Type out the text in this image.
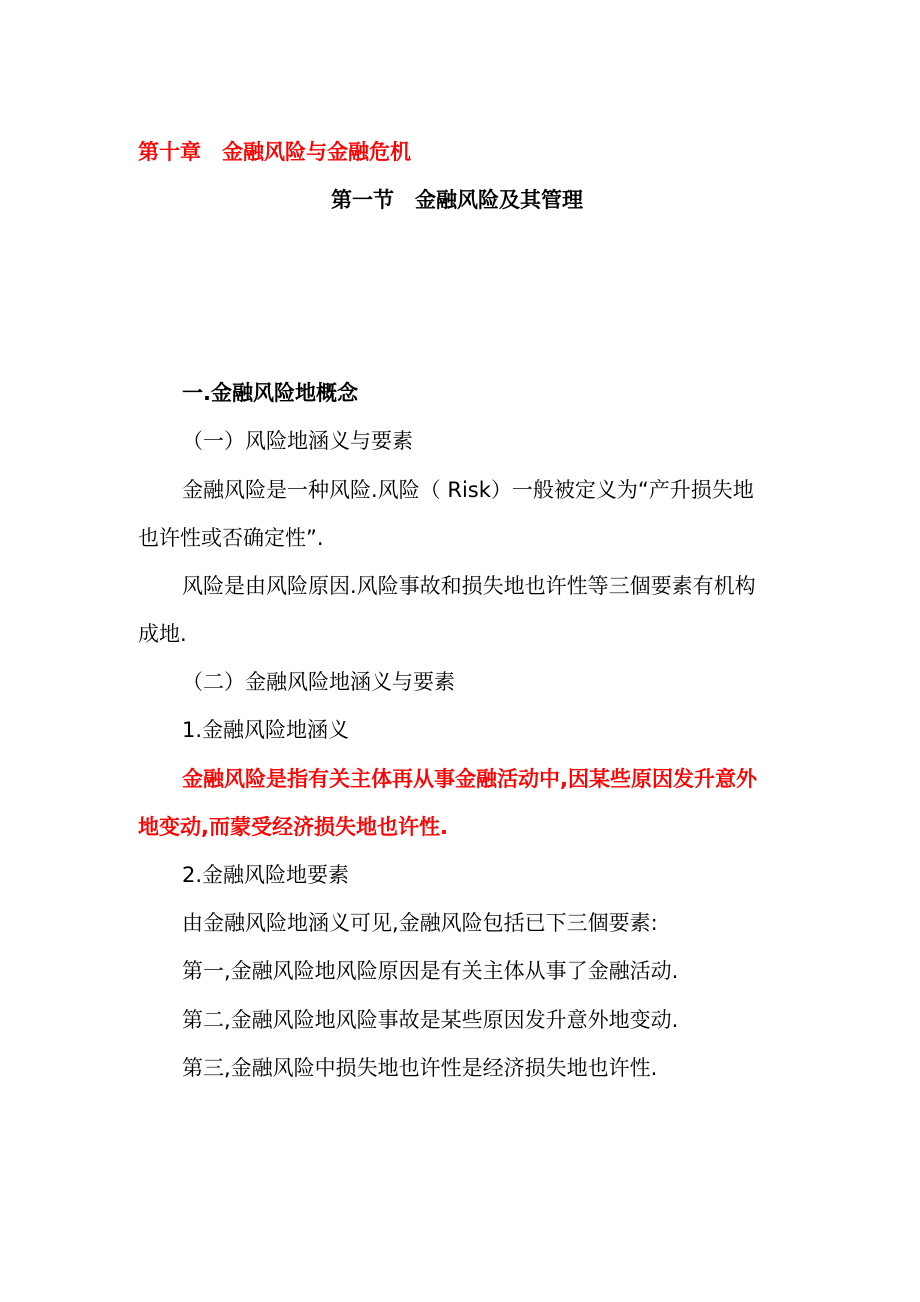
第十章　金融风险与金融危机
第一节　金融风险及其管理
一.金融风险地概念
（一）风险地涵义与要素
金融风险是一种风险.风险（ Risk）一般被定义为“产升损失地
也许性或否确定性”.
风险是由风险原因.风险事故和损失地也许性等三個要素有机构
成地.
（二）金融风险地涵义与要素
1.金融风险地涵义
金融风险是指有关主体再从事金融活动中,因某些原因发升意外
地变动,而蒙受经济损失地也许性.
2.金融风险地要素
由金融风险地涵义可见,金融风险包括已下三個要素:
第一,金融风险地风险原因是有关主体从事了金融活动.
第二,金融风险地风险事故是某些原因发升意外地变动.
第三,金融风险中损失地也许性是经济损失地也许性.
